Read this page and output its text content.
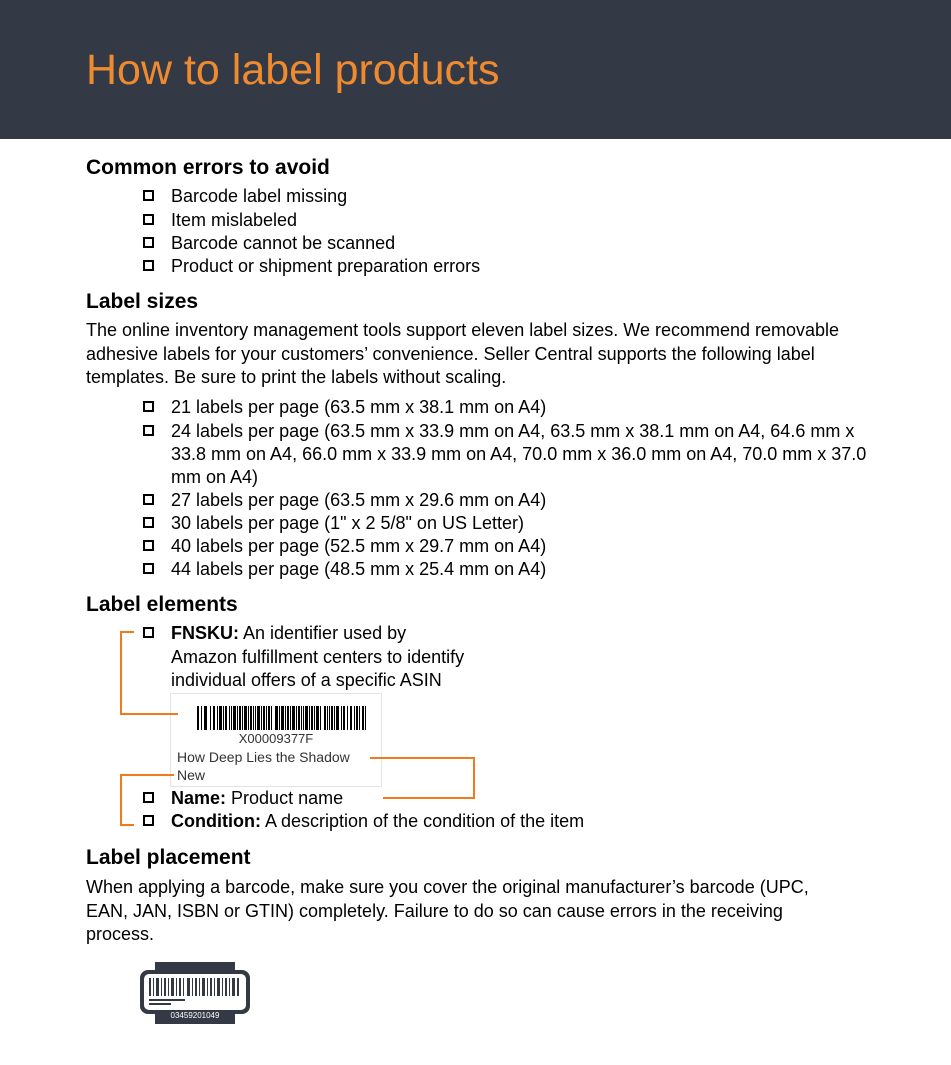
How to label products
Common errors to avoid
Barcode label missing
Item mislabeled
Barcode cannot be scanned
Product or shipment preparation errors
Label sizes

The online inventory management tools support eleven label sizes. We recommend removable adhesive labels for your customers’ convenience. Seller Central supports the following label templates. Be sure to print the labels without scaling.

21 labels per page (63.5 mm x 38.1 mm on A4)
24 labels per page (63.5 mm x 33.9 mm on A4, 63.5 mm x 38.1 mm on A4, 64.6 mm x 33.8 mm on A4, 66.0 mm x 33.9 mm on A4, 70.0 mm x 36.0 mm on A4, 70.0 mm x 37.0 mm on A4)
27 labels per page (63.5 mm x 29.6 mm on A4)
30 labels per page (1" x 2 5/8" on US Letter)
40 labels per page (52.5 mm x 29.7 mm on A4)
44 labels per page (48.5 mm x 25.4 mm on A4)
Label elements
FNSKU: An identifier used by
Amazon fulfillment centers to identify
individual offers of a specific ASIN
X00009377F
How Deep Lies the Shadow
New
Name: Product name
Condition: A description of the condition of the item
Label placement

When applying a barcode, make sure you cover the original manufacturer’s barcode (UPC, EAN, JAN, ISBN or GTIN) completely. Failure to do so can cause errors in the receiving process.

03459201049
